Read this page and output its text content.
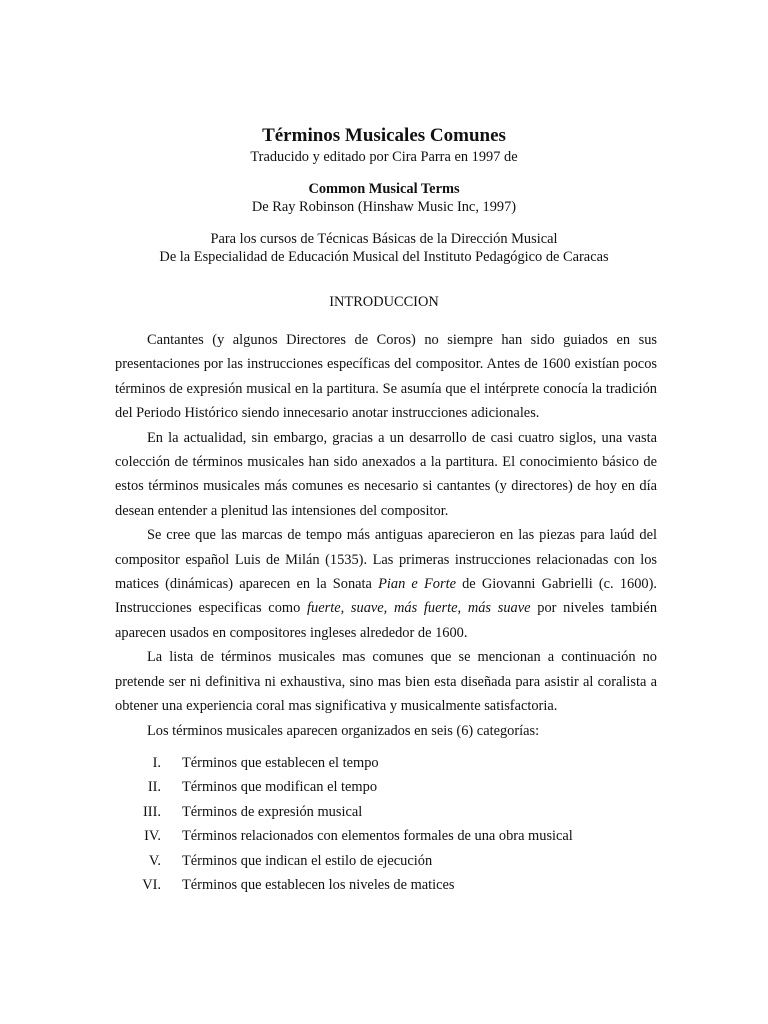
Términos Musicales Comunes

Traducido y editado por Cira Parra en 1997 de

Common Musical Terms

De Ray Robinson (Hinshaw Music Inc, 1997)

Para los cursos de Técnicas Básicas de la Dirección Musical

De la Especialidad de Educación Musical del Instituto Pedagógico de Caracas

INTRODUCCION

Cantantes (y algunos Directores de Coros) no siempre han sido guiados en sus presentaciones por las instrucciones específicas del compositor. Antes de 1600 existían pocos términos de expresión musical en la partitura. Se asumía que el intérprete conocía la tradición del Periodo Histórico siendo innecesario anotar instrucciones adicionales.

En la actualidad, sin embargo, gracias a un desarrollo de casi cuatro siglos, una vasta colección de términos musicales han sido anexados a la partitura. El conocimiento básico de estos términos musicales más comunes es necesario si cantantes (y directores) de hoy en día desean entender a plenitud las intensiones del compositor.

Se cree que las marcas de tempo más antiguas aparecieron en las piezas para laúd del compositor español Luis de Milán (1535). Las primeras instrucciones relacionadas con los matices (dinámicas) aparecen en la Sonata Pian e Forte de Giovanni Gabrielli (c. 1600). Instrucciones especificas como fuerte, suave, más fuerte, más suave por niveles también aparecen usados en compositores ingleses alrededor de 1600.

La lista de términos musicales mas comunes que se mencionan a continuación no pretende ser ni definitiva ni exhaustiva, sino mas bien esta diseñada para asistir al coralista a obtener una experiencia coral mas significativa y musicalmente satisfactoria.

Los términos musicales aparecen organizados en seis (6) categorías:

I.	Términos que establecen el tempo
II.	Términos que modifican el tempo
III.	Términos de expresión musical
IV.	Términos relacionados con elementos formales de una obra musical
V.	Términos que indican el estilo de ejecución
VI.	Términos que establecen los niveles de matices
